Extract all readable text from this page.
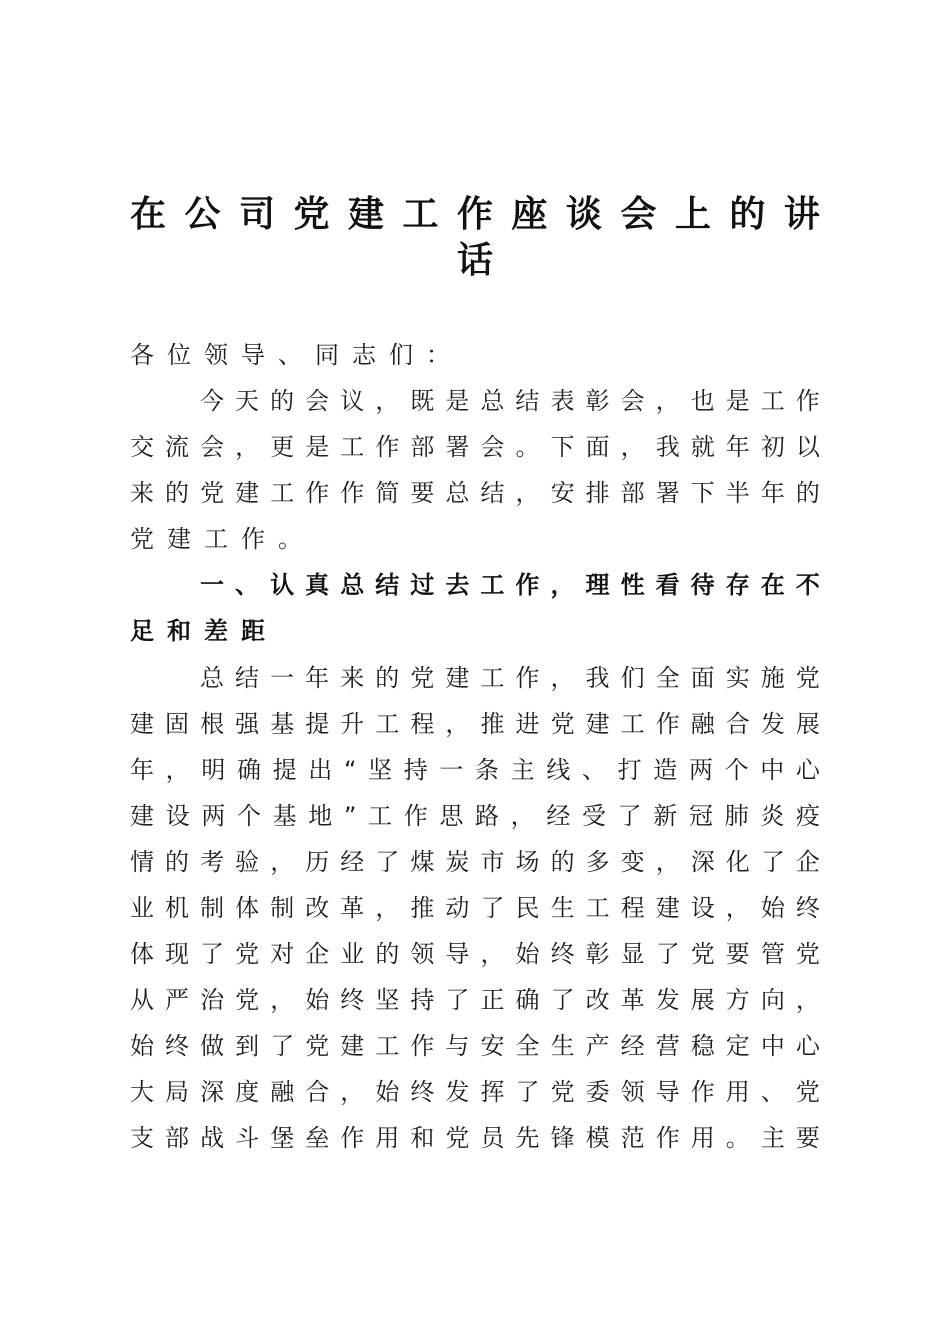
在 公 司 党 建 工 作 座 谈 会 上 的 讲
话
各位领导、同志们：
今 天 的 会 议 ， 既 是 总 结 表 彰 会 ， 也 是 工 作
交 流 会 ， 更 是 工 作 部 署 会 。 下 面 ， 我 就 年 初 以
来 的 党 建 工 作 作 简 要 总 结 ， 安 排 部 署 下 半 年 的
党建工作。
一 、 认 真 总 结 过 去 工 作 ， 理 性 看 待 存 在 不
足和差距
总 结 一 年 来 的 党 建 工 作 ， 我 们 全 面 实 施 党
建 固 根 强 基 提 升 工 程 ， 推 进 党 建 工 作 融 合 发 展
年 ， 明 确 提 出 “ 坚 持 一 条 主 线 、 打 造 两 个 中 心
建 设 两 个 基 地 ” 工 作 思 路 ， 经 受 了 新 冠 肺 炎 疫
情 的 考 验 ， 历 经 了 煤 炭 市 场 的 多 变 ， 深 化 了 企
业 机 制 体 制 改 革 ， 推 动 了 民 生 工 程 建 设 ， 始 终
体 现 了 党 对 企 业 的 领 导 ， 始 终 彰 显 了 党 要 管 党
从 严 治 党 ， 始 终 坚 持 了 正 确 了 改 革 发 展 方 向 ，
始 终 做 到 了 党 建 工 作 与 安 全 生 产 经 营 稳 定 中 心
大 局 深 度 融 合 ， 始 终 发 挥 了 党 委 领 导 作 用 、 党
支 部 战 斗 堡 垒 作 用 和 党 员 先 锋 模 范 作 用 。 主 要
